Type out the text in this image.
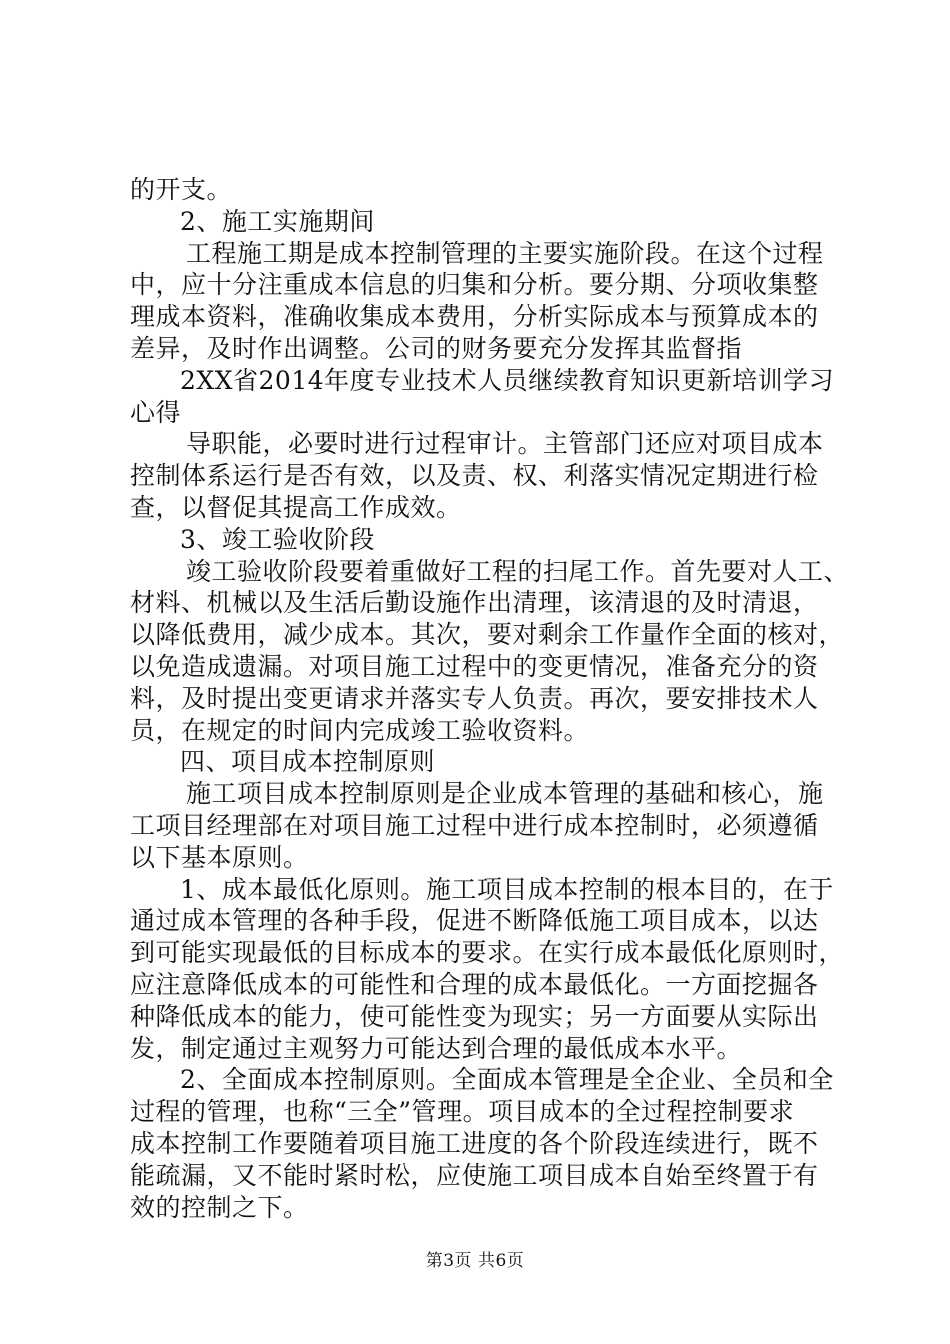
的开支。
2、施工实施期间
工程施工期是成本控制管理的主要实施阶段。在这个过程
中，应十分注重成本信息的归集和分析。要分期、分项收集整
理成本资料，准确收集成本费用，分析实际成本与预算成本的
差异，及时作出调整。公司的财务要充分发挥其监督指
2XX省2014年度专业技术人员继续教育知识更新培训学习
心得
导职能，必要时进行过程审计。主管部门还应对项目成本
控制体系运行是否有效，以及责、权、利落实情况定期进行检
查，以督促其提高工作成效。
3、竣工验收阶段
竣工验收阶段要着重做好工程的扫尾工作。首先要对人工、
材料、机械以及生活后勤设施作出清理，该清退的及时清退，
以降低费用，减少成本。其次，要对剩余工作量作全面的核对，
以免造成遗漏。对项目施工过程中的变更情况，准备充分的资
料，及时提出变更请求并落实专人负责。再次，要安排技术人
员，在规定的时间内完成竣工验收资料。
四、项目成本控制原则
施工项目成本控制原则是企业成本管理的基础和核心，施
工项目经理部在对项目施工过程中进行成本控制时，必须遵循
以下基本原则。
1、成本最低化原则。施工项目成本控制的根本目的，在于
通过成本管理的各种手段，促进不断降低施工项目成本，以达
到可能实现最低的目标成本的要求。在实行成本最低化原则时，
应注意降低成本的可能性和合理的成本最低化。一方面挖掘各
种降低成本的能力，使可能性变为现实；另一方面要从实际出
发，制定通过主观努力可能达到合理的最低成本水平。
2、全面成本控制原则。全面成本管理是全企业、全员和全
过程的管理，也称“三全”管理。项目成本的全过程控制要求
成本控制工作要随着项目施工进度的各个阶段连续进行，既不
能疏漏，又不能时紧时松，应使施工项目成本自始至终置于有
效的控制之下。
第3页 共6页
